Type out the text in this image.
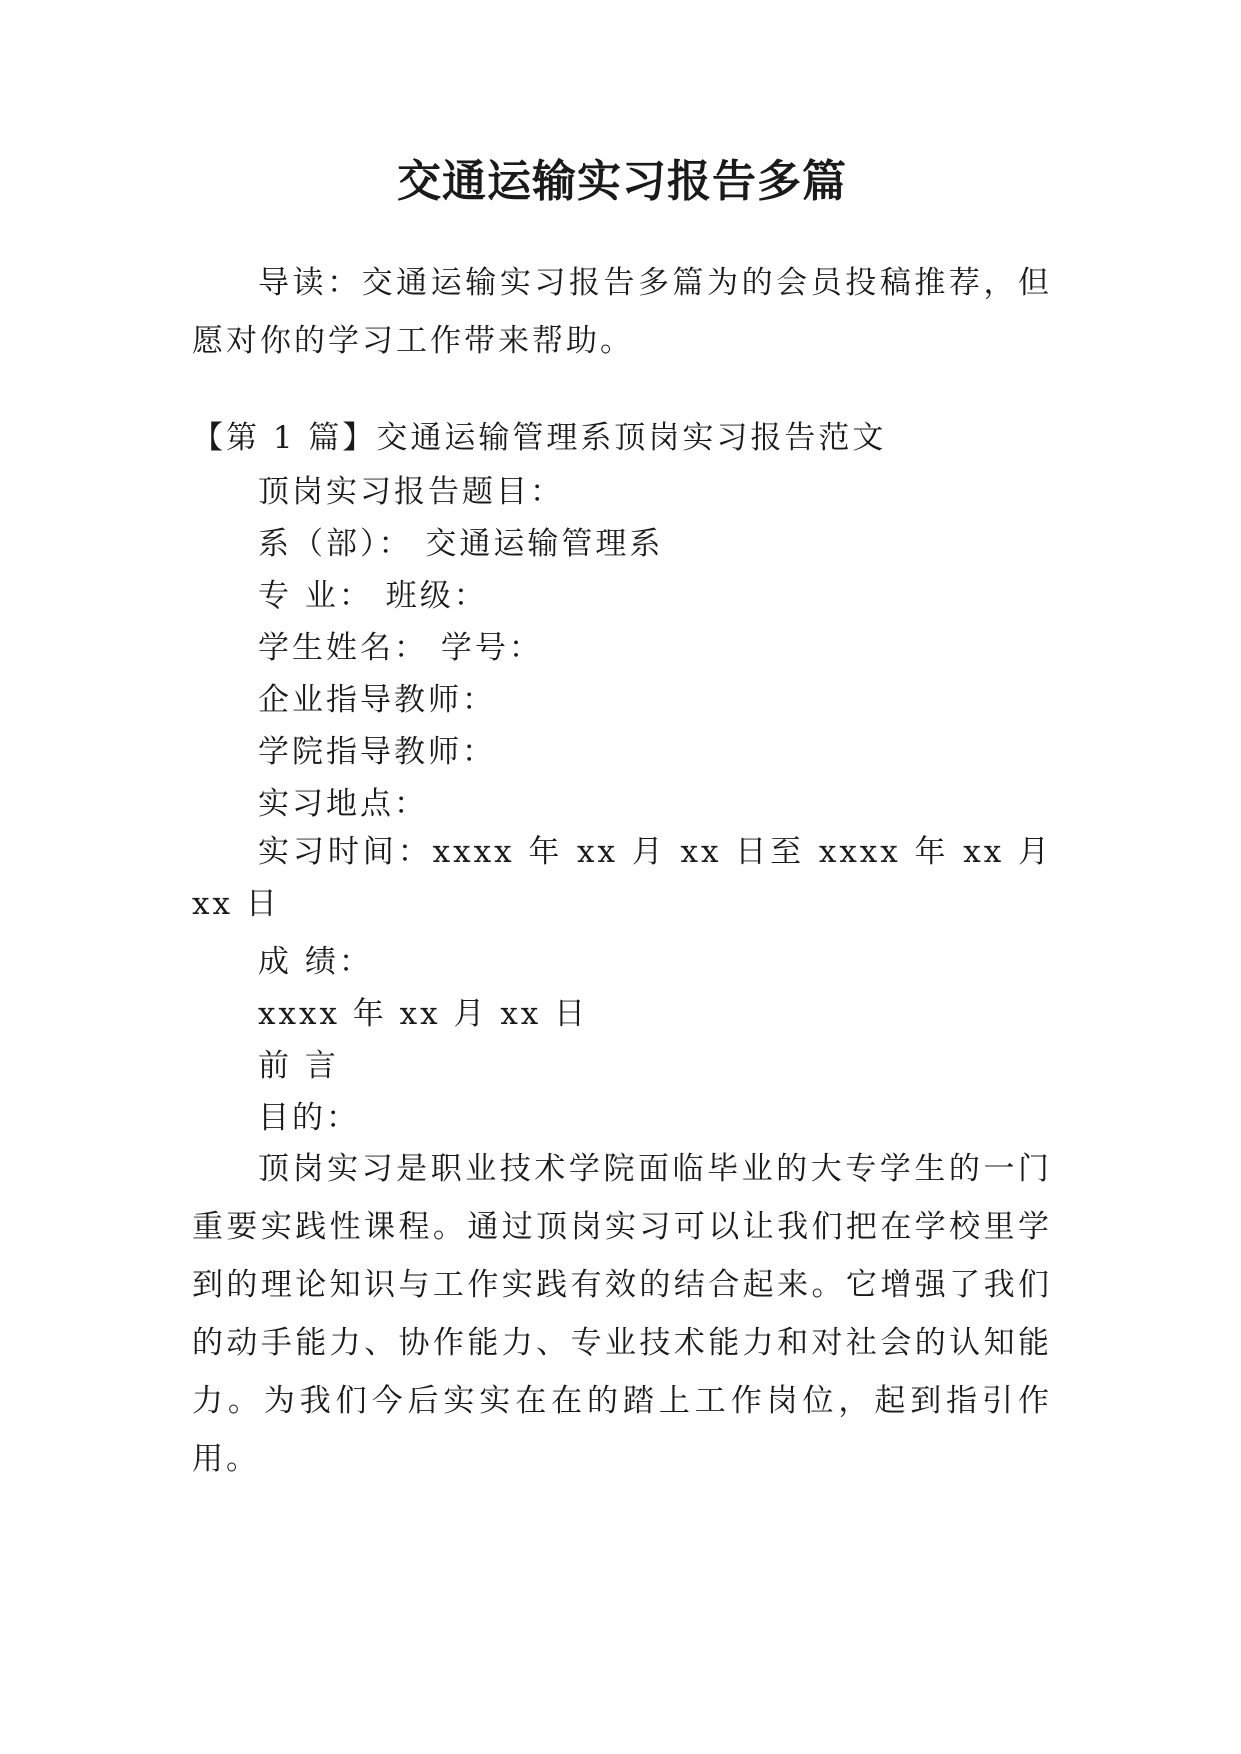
交通运输实习报告多篇

导读：交通运输实习报告多篇为的会员投稿推荐，但愿对你的学习工作带来帮助。

【第 1 篇】交通运输管理系顶岗实习报告范文

顶岗实习报告题目：

系（部）： 交通运输管理系

专 业： 班级：

学生姓名： 学号：

企业指导教师：

学院指导教师：

实习地点：

实习时间：xxxx 年 xx 月 xx 日至 xxxx 年 xx 月 xx 日

成 绩：

xxxx 年 xx 月 xx 日

前 言

目的：

顶岗实习是职业技术学院面临毕业的大专学生的一门重要实践性课程。通过顶岗实习可以让我们把在学校里学到的理论知识与工作实践有效的结合起来。它增强了我们的动手能力、协作能力、专业技术能力和对社会的认知能力。为我们今后实实在在的踏上工作岗位，起到指引作用。
